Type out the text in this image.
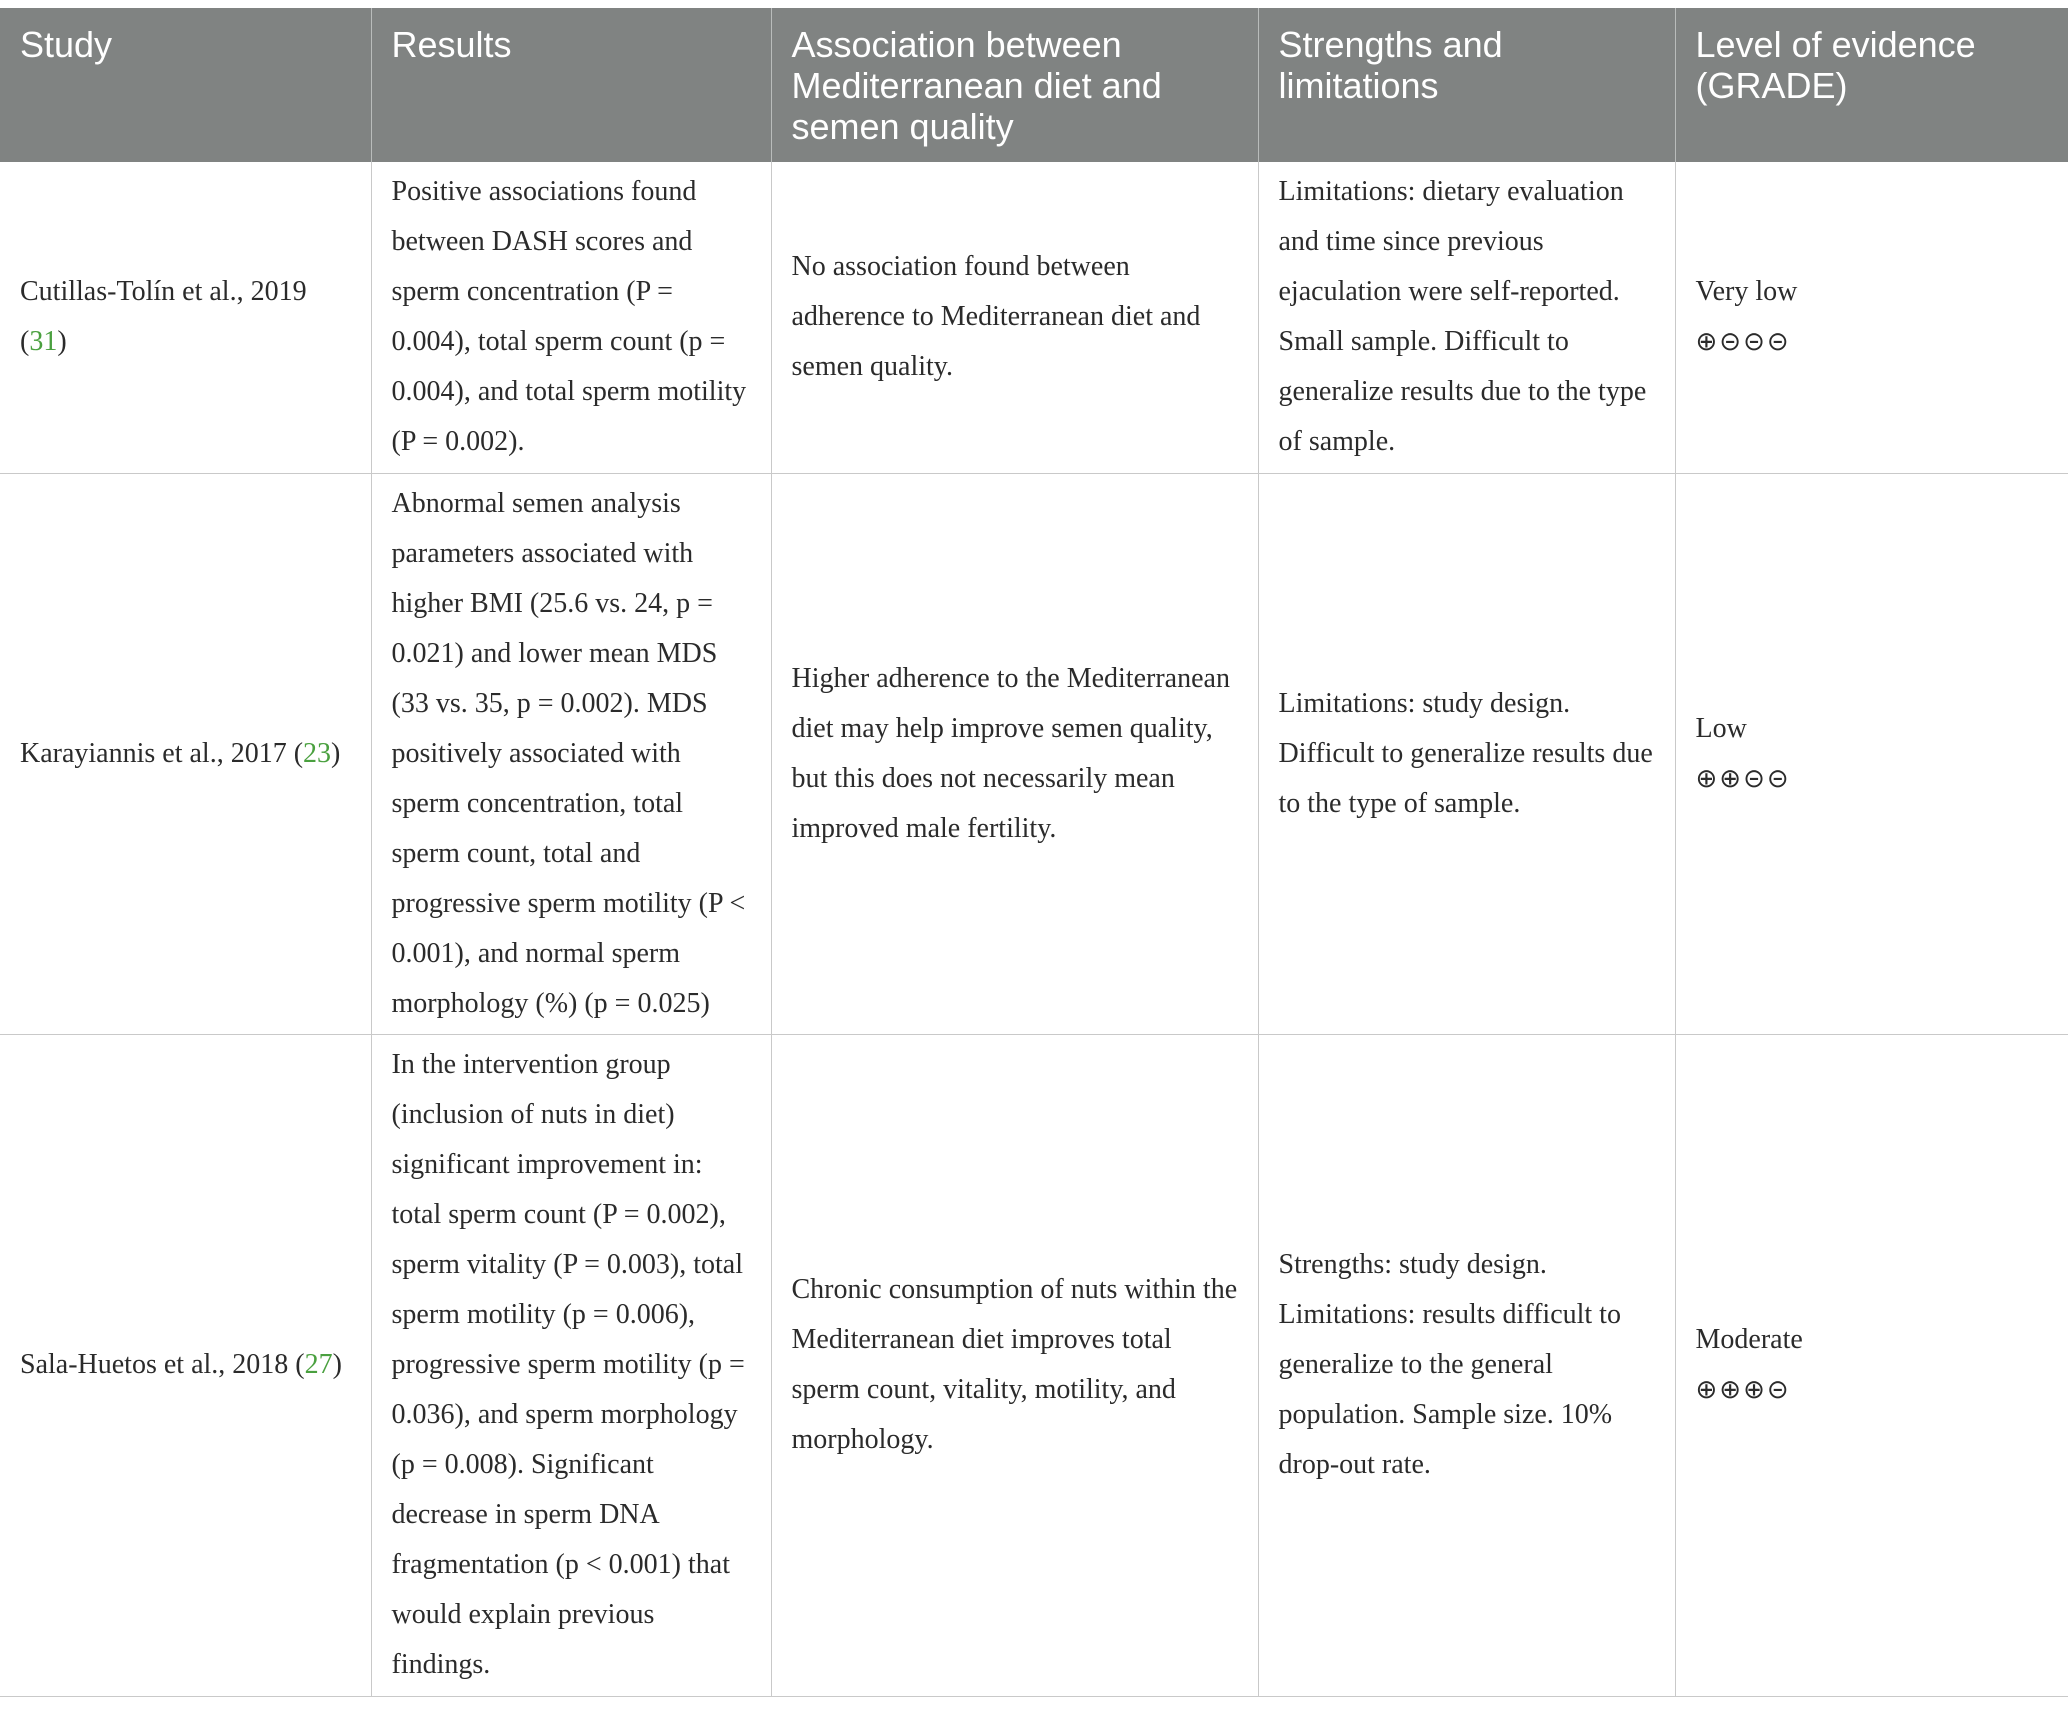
Study	Results	Association between Mediterranean diet and semen quality	Strengths and limitations	Level of evidence (GRADE)
Cutillas-Tolín et al., 2019 (31)	Positive associations found between DASH scores and sperm concentration (P = 0.004), total sperm count (p = 0.004), and total sperm motility (P = 0.002).	No association found between adherence to Mediterranean diet and semen quality.	Limitations: dietary evaluation and time since previous ejaculation were self-reported. Small sample. Difficult to generalize results due to the type of sample.	Very low
⊕⊝⊝⊝

Karayiannis et al., 2017 (23)	Abnormal semen analysis parameters associated with higher BMI (25.6 vs. 24, p = 0.021) and lower mean MDS (33 vs. 35, p = 0.002). MDS positively associated with sperm concentration, total sperm count, total and progressive sperm motility (P < 0.001), and normal sperm morphology (%) (p = 0.025)	Higher adherence to the Mediterranean diet may help improve semen quality, but this does not necessarily mean improved male fertility.	Limitations: study design. Difficult to generalize results due to the type of sample.	Low
⊕⊕⊝⊝

Sala-Huetos et al., 2018 (27)	In the intervention group (inclusion of nuts in diet) significant improvement in: total sperm count (P = 0.002), sperm vitality (P = 0.003), total sperm motility (p = 0.006), progressive sperm motility (p = 0.036), and sperm morphology (p = 0.008). Significant decrease in sperm DNA fragmentation (p < 0.001) that would explain previous findings.	Chronic consumption of nuts within the Mediterranean diet improves total sperm count, vitality, motility, and morphology.	Strengths: study design. Limitations: results difficult to generalize to the general population. Sample size. 10% drop-out rate.	Moderate
⊕⊕⊕⊝
